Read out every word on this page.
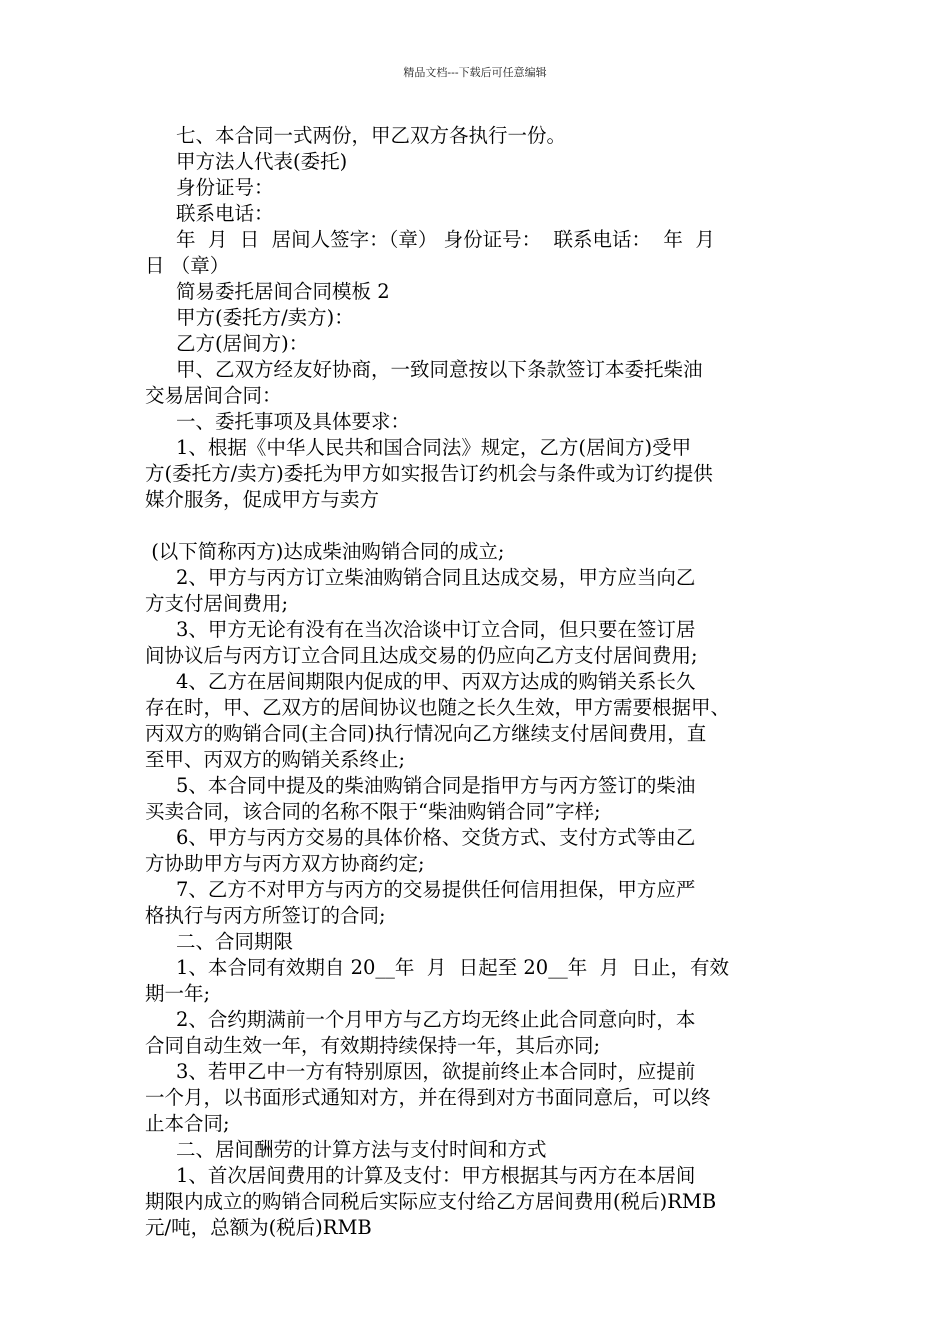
精品文档---下载后可任意编辑
七、本合同一式两份，甲乙双方各执行一份。
甲方法人代表(委托)
身份证号：
联系电话：
年  月  日  居间人签字：（章） 身份证号：  联系电话：  年  月
日 （章）
简易委托居间合同模板 2
甲方(委托方/卖方)：
乙方(居间方)：
甲、乙双方经友好协商，一致同意按以下条款签订本委托柴油
交易居间合同：
一、委托事项及具体要求：
1、根据《中华人民共和国合同法》规定，乙方(居间方)受甲
方(委托方/卖方)委托为甲方如实报告订约机会与条件或为订约提供
媒介服务，促成甲方与卖方
(以下简称丙方)达成柴油购销合同的成立;
2、甲方与丙方订立柴油购销合同且达成交易，甲方应当向乙
方支付居间费用;
3、甲方无论有没有在当次洽谈中订立合同，但只要在签订居
间协议后与丙方订立合同且达成交易的仍应向乙方支付居间费用;
4、乙方在居间期限内促成的甲、丙双方达成的购销关系长久
存在时，甲、乙双方的居间协议也随之长久生效，甲方需要根据甲、
丙双方的购销合同(主合同)执行情况向乙方继续支付居间费用，直
至甲、丙双方的购销关系终止;
5、本合同中提及的柴油购销合同是指甲方与丙方签订的柴油
买卖合同，该合同的名称不限于“柴油购销合同”字样;
6、甲方与丙方交易的具体价格、交货方式、支付方式等由乙
方协助甲方与丙方双方协商约定;
7、乙方不对甲方与丙方的交易提供任何信用担保，甲方应严
格执行与丙方所签订的合同;
二、合同期限
1、本合同有效期自 20__年  月  日起至 20__年  月  日止，有效
期一年;
2、合约期满前一个月甲方与乙方均无终止此合同意向时，本
合同自动生效一年，有效期持续保持一年，其后亦同;
3、若甲乙中一方有特别原因，欲提前终止本合同时，应提前
一个月，以书面形式通知对方，并在得到对方书面同意后，可以终
止本合同;
二、居间酬劳的计算方法与支付时间和方式
1、首次居间费用的计算及支付：甲方根据其与丙方在本居间
期限内成立的购销合同税后实际应支付给乙方居间费用(税后)RMB
元/吨，总额为(税后)RMB
